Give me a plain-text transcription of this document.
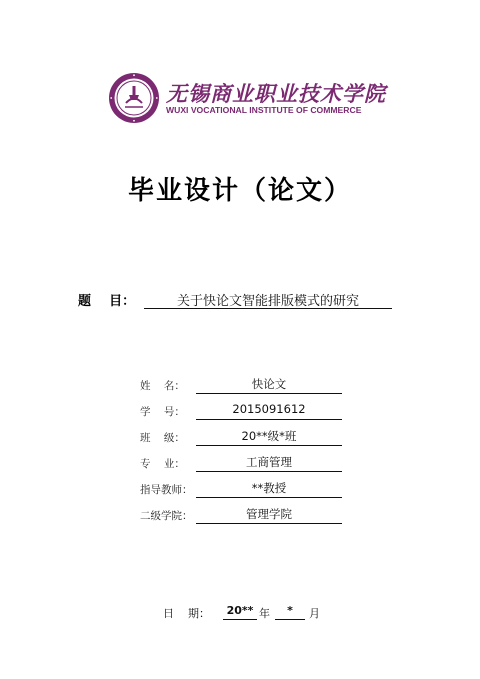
无锡商业职业技术学院
WUXI VOCATIONAL INSTITUTE OF COMMERCE
毕业设计（论文）
题    目：	关于快论文智能排版模式的研究
姓    名：	快论文
学    号：	2015091612
班    级：	20**级*班
专    业：	工商管理
指导教师：	**教授
二级学院：	管理学院
日    期：	20** 年	*	月
